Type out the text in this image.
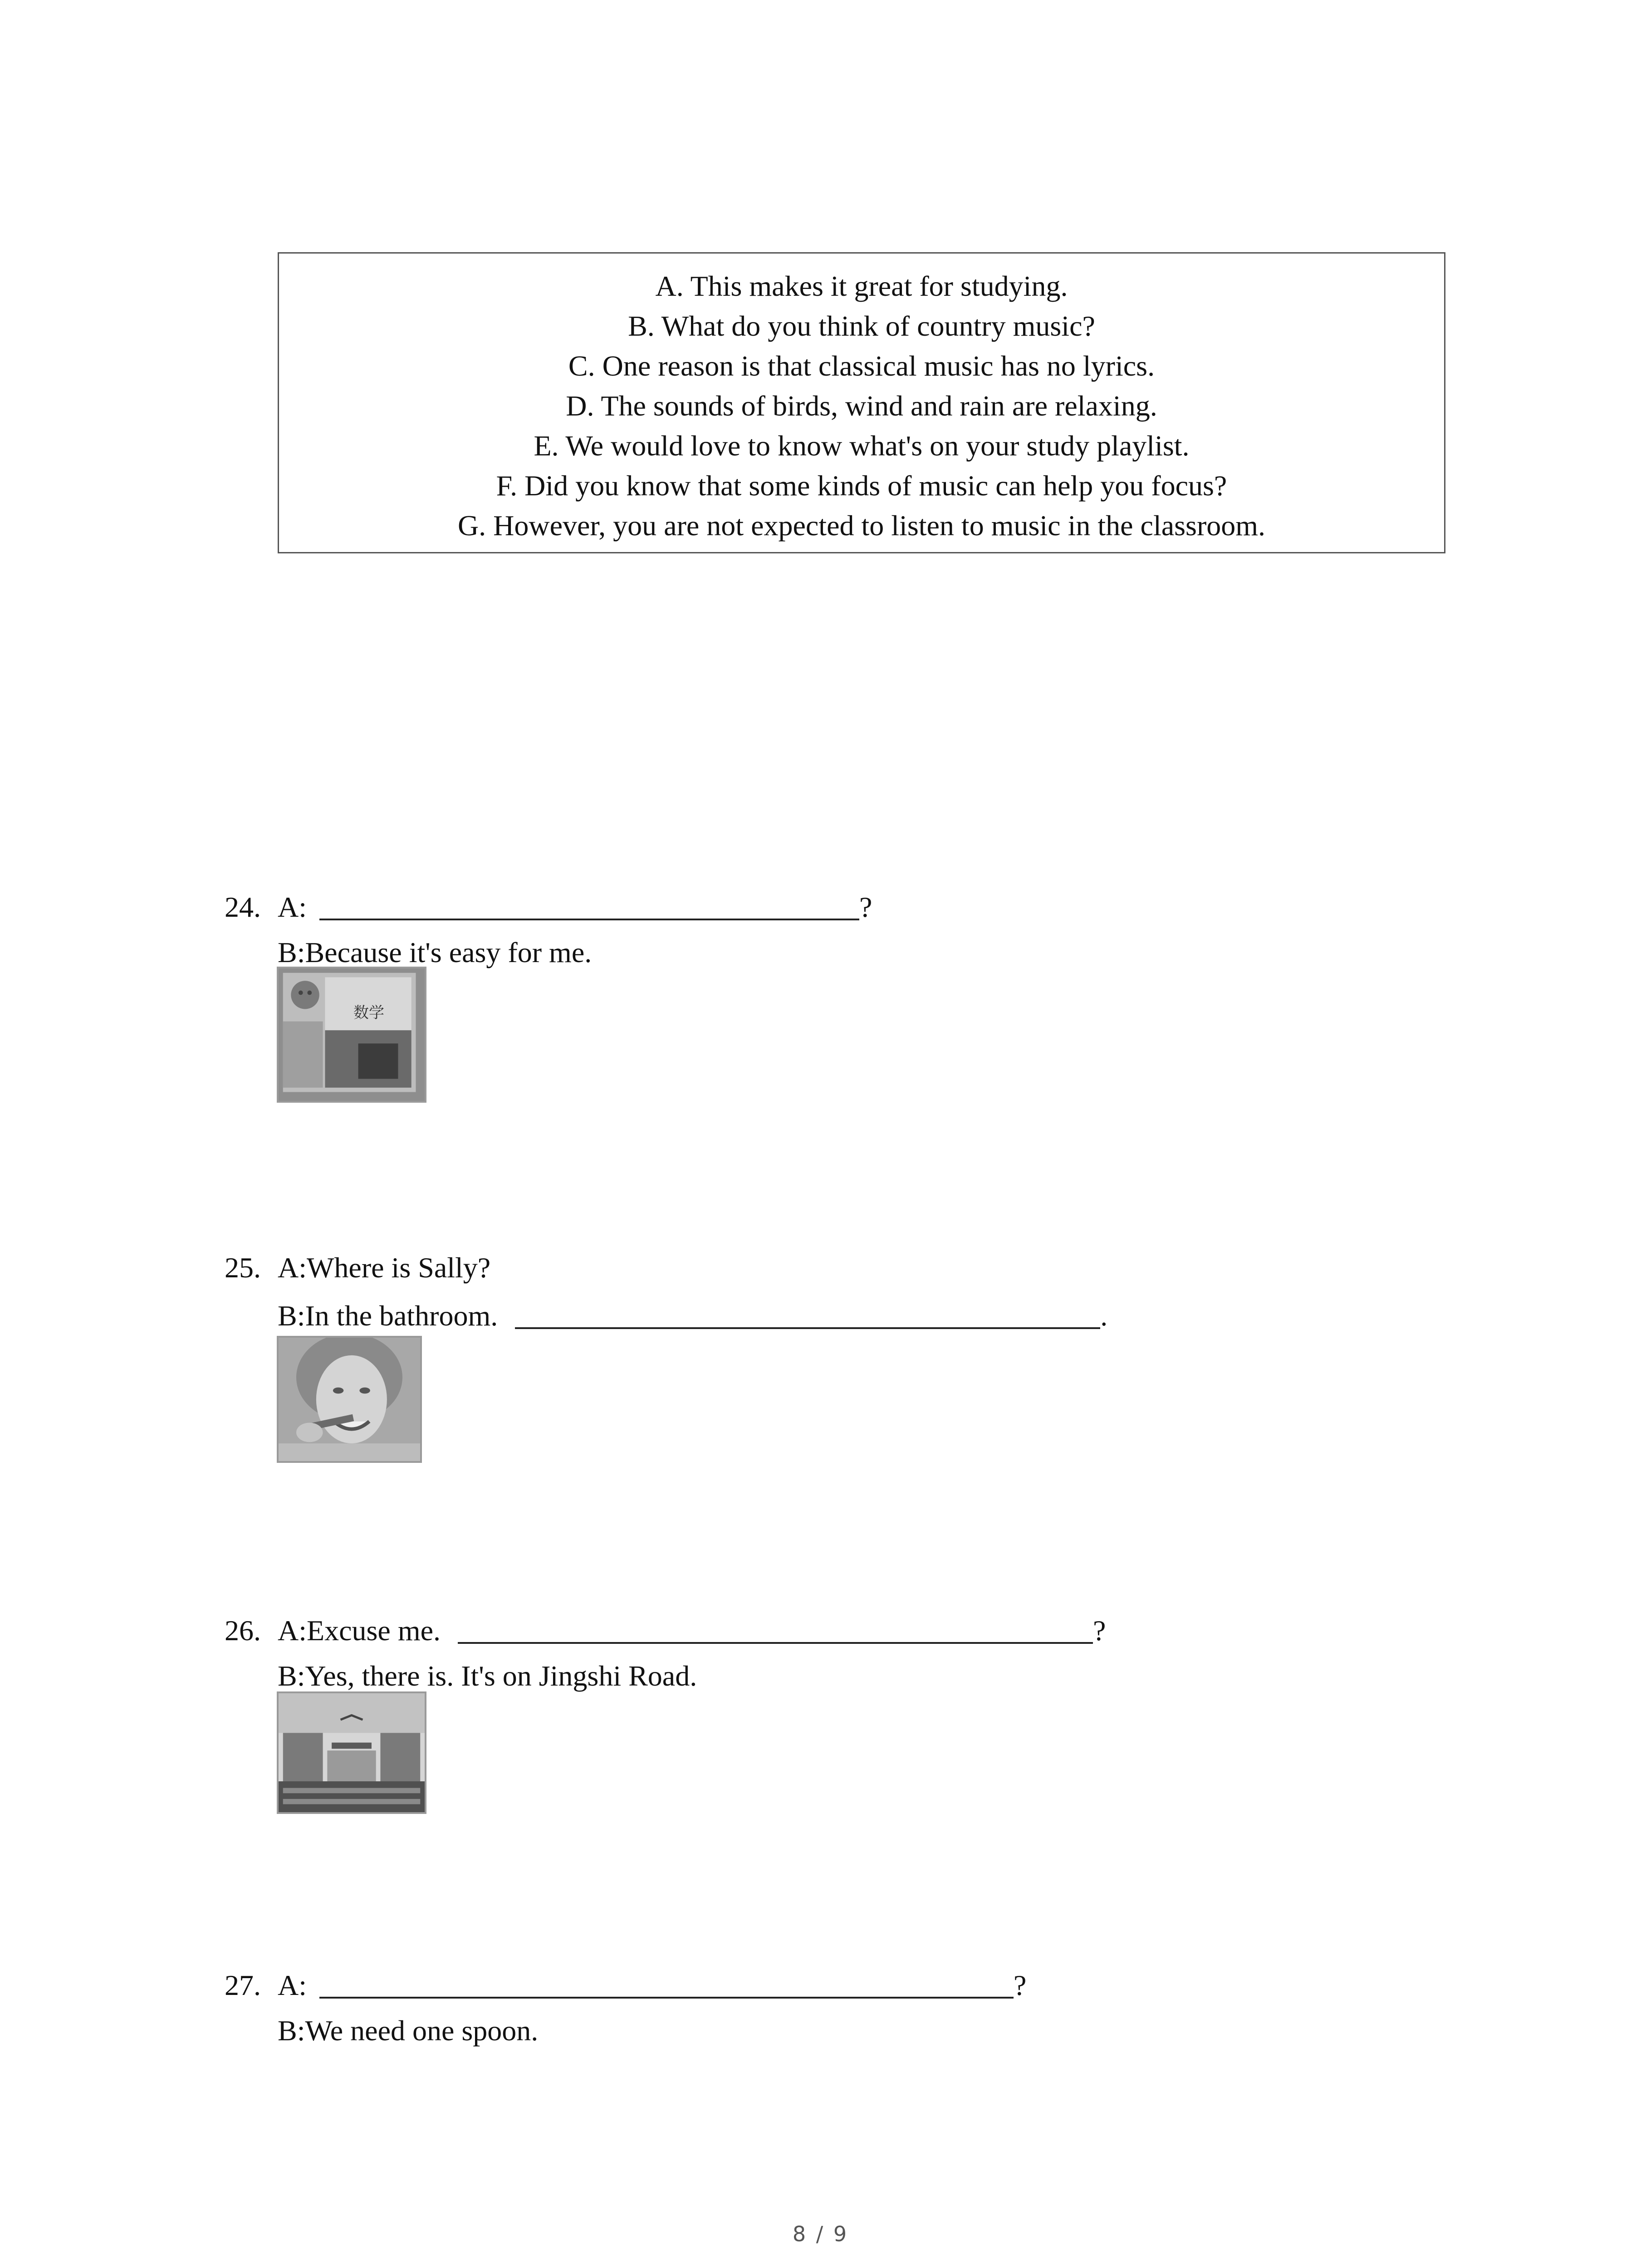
A. This makes it great for studying.
B. What do you think of country music?
C. One reason is that classical music has no lyrics.
D. The sounds of birds, wind and rain are relaxing.
E. We would love to know what's on your study playlist.
F. Did you know that some kinds of music can help you focus?
G. However, you are not expected to listen to music in the classroom.
24. A:	?
B:Because it's easy for me.
数学
25. A:Where is Sally?
B:In the bathroom.	.
26. A:Excuse me.	?
B:Yes, there is. It's on Jingshi Road.
27. A:	?
B:We need one spoon.
8 / 9
